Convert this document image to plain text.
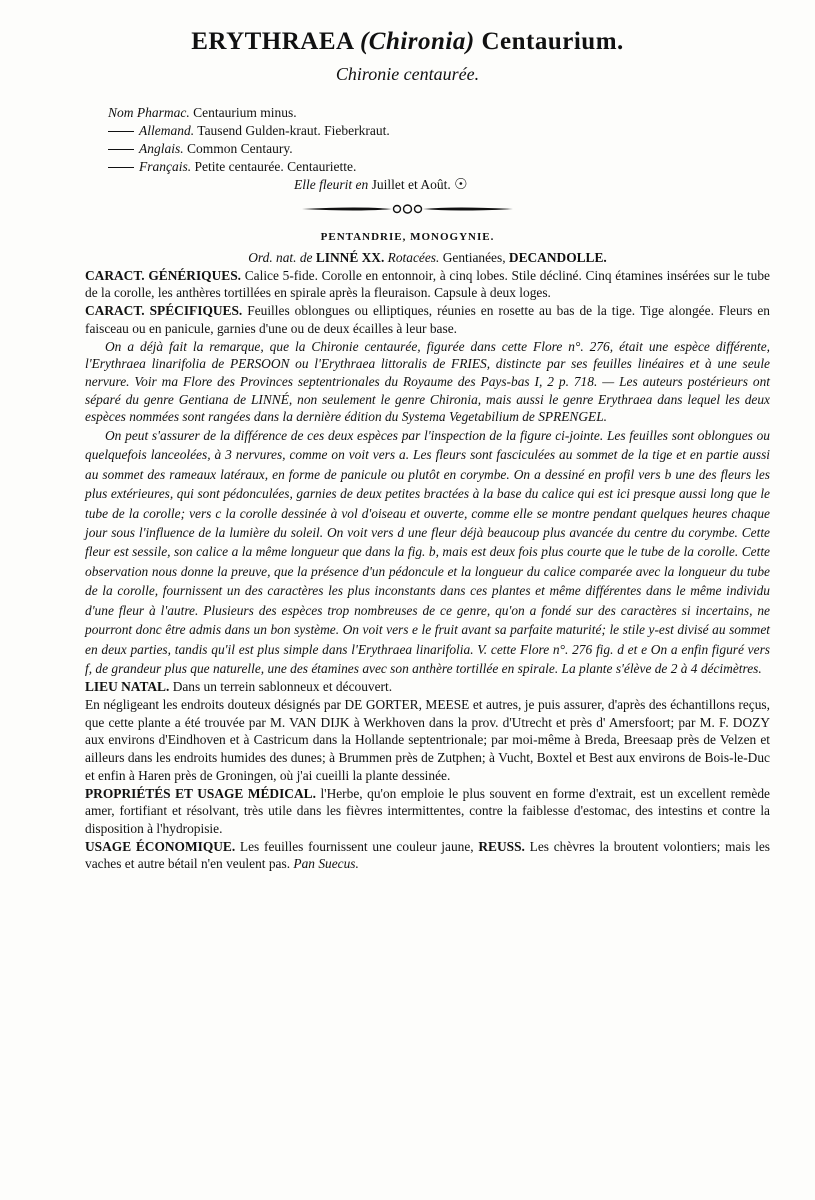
ERYTHRAEA (Chironia) Centaurium.
Chironie centaurée.
Nom Pharmac. Centaurium minus.
Allemand. Tausend Gulden-kraut. Fieberkraut.
Anglais. Common Centaury.
Français. Petite centaurée. Centauriette.
Elle fleurit en Juillet et Août. ☉
PENTANDRIE, MONOGYNIE.

Ord. nat. de LINNÉ XX. Rotacées. Gentianées, DECANDOLLE.

CARACT. GÉNÉRIQUES. Calice 5-fide. Corolle en entonnoir, à cinq lobes. Stile décliné. Cinq étamines insérées sur le tube de la corolle, les anthères tortillées en spirale après la fleuraison. Capsule à deux loges.

CARACT. SPÉCIFIQUES. Feuilles oblongues ou elliptiques, réunies en rosette au bas de la tige. Tige alongée. Fleurs en faisceau ou en panicule, garnies d'une ou de deux écailles à leur base.

On a déjà fait la remarque, que la Chironie centaurée, figurée dans cette Flore n°. 276, était une espèce différente, l'Erythraea linarifolia de PERSOON ou l'Erythraea littoralis de FRIES, distincte par ses feuilles linéaires et à une seule nervure. Voir ma Flore des Provinces septentrionales du Royaume des Pays-bas I, 2 p. 718. — Les auteurs postérieurs ont séparé du genre Gentiana de LINNÉ, non seulement le genre Chironia, mais aussi le genre Erythraea dans lequel les deux espèces nommées sont rangées dans la dernière édition du Systema Vegetabilium de SPRENGEL.

On peut s'assurer de la différence de ces deux espèces par l'inspection de la figure ci-jointe. Les feuilles sont oblongues ou quelquefois lanceolées, à 3 nervures, comme on voit vers a. Les fleurs sont fasciculées au sommet de la tige et en partie aussi au sommet des rameaux latéraux, en forme de panicule ou plutôt en corymbe. On a dessiné en profil vers b une des fleurs les plus extérieures, qui sont pédonculées, garnies de deux petites bractées à la base du calice qui est ici presque aussi long que le tube de la corolle; vers c la corolle dessinée à vol d'oiseau et ouverte, comme elle se montre pendant quelques heures chaque jour sous l'influence de la lumière du soleil. On voit vers d une fleur déjà beaucoup plus avancée du centre du corymbe. Cette fleur est sessile, son calice a la même longueur que dans la fig. b, mais est deux fois plus courte que le tube de la corolle. Cette observation nous donne la preuve, que la présence d'un pédoncule et la longueur du calice comparée avec la longueur du tube de la corolle, fournissent un des caractères les plus inconstants dans ces plantes et même différentes dans le même individu d'une fleur à l'autre. Plusieurs des espèces trop nombreuses de ce genre, qu'on a fondé sur des caractères si incertains, ne pourront donc être admis dans un bon système. On voit vers e le fruit avant sa parfaite maturité; le stile y-est divisé au sommet en deux parties, tandis qu'il est plus simple dans l'Erythraea linarifolia. V. cette Flore n°. 276 fig. d et e On a enfin figuré vers f, de grandeur plus que naturelle, une des étamines avec son anthère tortillée en spirale. La plante s'élève de 2 à 4 décimètres.

LIEU NATAL. Dans un terrein sablonneux et découvert.

En négligeant les endroits douteux désignés par DE GORTER, MEESE et autres, je puis assurer, d'après des échantillons reçus, que cette plante a été trouvée par M. VAN DIJK à Werkhoven dans la prov. d'Utrecht et près d' Amersfoort; par M. F. DOZY aux environs d'Eindhoven et à Castricum dans la Hollande septentrionale; par moi-même à Breda, Breesaap près de Velzen et ailleurs dans les endroits humides des dunes; à Brummen près de Zutphen; à Vucht, Boxtel et Best aux environs de Bois-le-Duc et enfin à Haren près de Groningen, où j'ai cueilli la plante dessinée.

PROPRIÉTÉS ET USAGE MÉDICAL. l'Herbe, qu'on emploie le plus souvent en forme d'extrait, est un excellent remède amer, fortifiant et résolvant, très utile dans les fièvres intermittentes, contre la faiblesse d'estomac, des intestins et contre la disposition à l'hydropisie.

USAGE ÉCONOMIQUE. Les feuilles fournissent une couleur jaune, REUSS. Les chèvres la broutent volontiers; mais les vaches et autre bétail n'en veulent pas. Pan Suecus.
